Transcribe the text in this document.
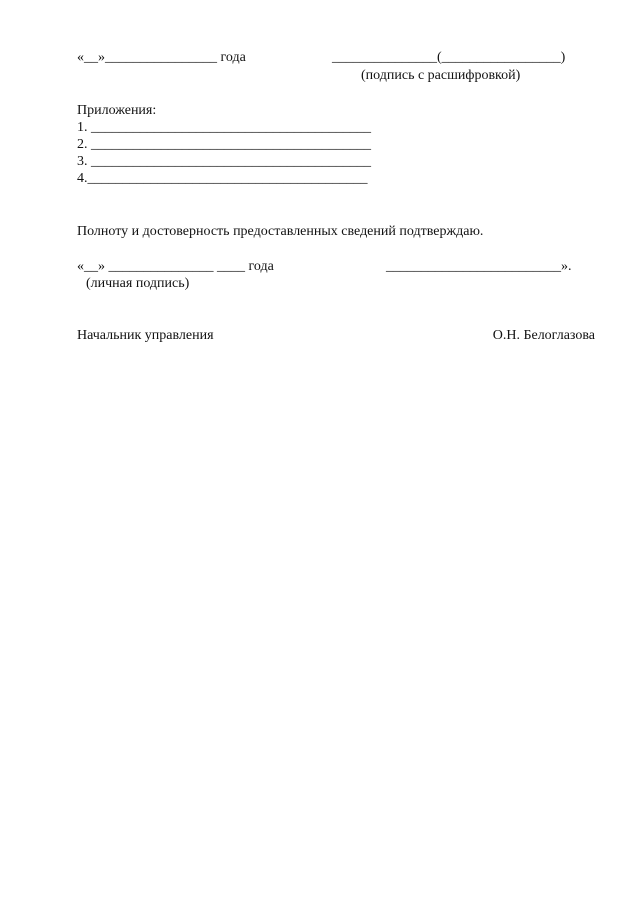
«__»________________ года	_______________(_________________)
(подпись с расшифровкой)
Приложения:
1. ________________________________________
2. ________________________________________
3. ________________________________________
4.________________________________________
Полноту и достоверность предоставленных сведений подтверждаю.
«__» _______________ ____ года	_________________________».
(личная подпись)
Начальник управления	О.Н. Белоглазова
